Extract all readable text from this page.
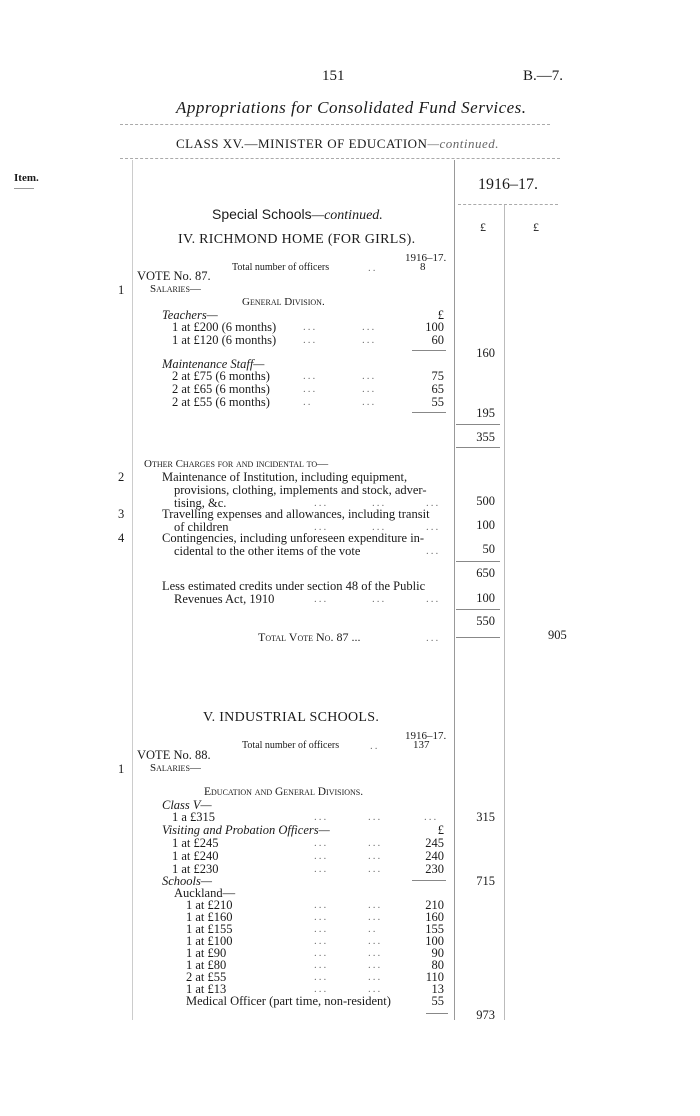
151	B.—7.
Appropriations for Consolidated Fund Services.
CLASS XV.—MINISTER OF EDUCATION—continued.
Item.	1916–17.
£	£
Special Schools—continued.
IV. RICHMOND HOME (FOR GIRLS).
1916–17.
Total number of officers	..	8
VOTE No. 87.
1 Salaries—
General Division.
Teachers—	£
1 at £200 (6 months) ...	...	100
1 at £120 (6 months) ...	...	60
160
Maintenance Staff—
2 at £75 (6 months)	...	...	75
2 at £65 (6 months)	...	...	65
2 at £55 (6 months)	..	...	55
195
355
Other Charges for and incidental to—
2	Maintenance of Institution, including equipment,
provisions, clothing, implements and stock, adver-
tising, &c.	...	...	...	500
3	Travelling expenses and allowances, including transit
of children	...	...	...	100
4	Contingencies, including unforeseen expenditure in-
cidental to the other items of the vote	...	50
650
Less estimated credits under section 48 of the Public
Revenues Act, 1910	...	...	...	100
550
Total Vote No. 87 ...	...	905
V. INDUSTRIAL SCHOOLS.
1916–17.
Total number of officers	..	137
VOTE No. 88.
1 Salaries—
Education and General Divisions.
Class V—
1 a £315	...	...	...	315
Visiting and Probation Officers—	£
1 at £245	...	...	245
1 at £240	...	...	240
1 at £230	...	...	230
Schools—	715
Auckland—
1 at £210	...	...	210
1 at £160	...	...	160
1 at £155	...	..	155
1 at £100	...	...	100
1 at £90	...	...	90
1 at £80	...	...	80
2 at £55	...	...	110
1 at £13	...	...	13
Medical Officer (part time, non-resident)	55
973
